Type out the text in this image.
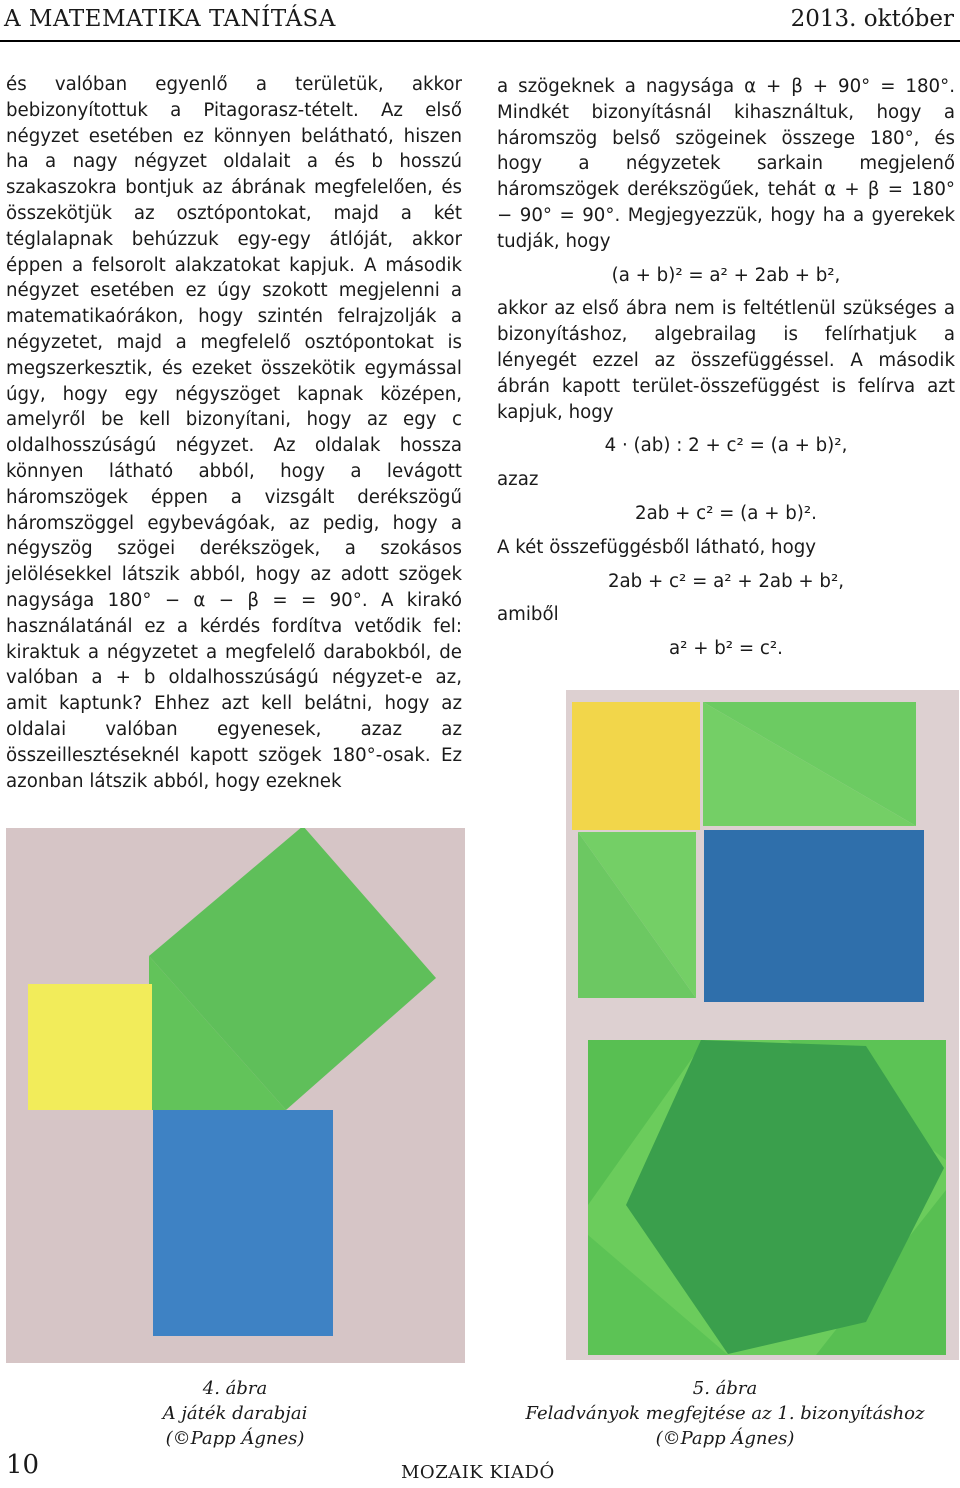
A MATEMATIKA TANÍTÁSA	2013. október

és valóban egyenlő a területük, akkor bebizonyítottuk a Pitagorasz-tételt. Az első négyzet esetében ez könnyen belátható, hiszen ha a nagy négyzet oldalait a és b hosszú szakaszokra bontjuk az ábrának megfelelően, és összekötjük az osztópontokat, majd a két téglalapnak behúzzuk egy-egy átlóját, akkor éppen a felsorolt alakzatokat kapjuk. A második négyzet esetében ez úgy szokott megjelenni a matematikaórákon, hogy szintén felrajzolják a négyzetet, majd a megfelelő osztópontokat is megszerkesztik, és ezeket összekötik egymással úgy, hogy egy négyszöget kapnak középen, amelyről be kell bizonyítani, hogy az egy c oldalhosszúságú négyzet. Az oldalak hossza könnyen látható abból, hogy a levágott háromszögek éppen a vizsgált derékszögű háromszöggel egybevágóak, az pedig, hogy a négyszög szögei derékszögek, a szokásos jelölésekkel látszik abból, hogy az adott szögek nagysága 180° − α − β = = 90°. A kirakó használatánál ez a kérdés fordítva vetődik fel: kiraktuk a négyzetet a megfelelő darabokból, de valóban a + b oldalhosszúságú négyzet-e az, amit kaptunk? Ehhez azt kell belátni, hogy az oldalai valóban egyenesek, azaz az összeillesztéseknél kapott szögek 180°-osak. Ez azonban látszik abból, hogy ezeknek

a szögeknek a nagysága α + β + 90° = 180°. Mindkét bizonyításnál kihasználtuk, hogy a háromszög belső szögeinek összege 180°, és hogy a négyzetek sarkain megjelenő háromszögek derékszögűek, tehát α + β = 180° − 90° = 90°. Megjegyezzük, hogy ha a gyerekek tudják, hogy

(a + b)² = a² + 2ab + b²,

akkor az első ábra nem is feltétlenül szükséges a bizonyításhoz, algebrailag is felírhatjuk a lényegét ezzel az összefüggéssel. A második ábrán kapott terület-összefüggést is felírva azt kapjuk, hogy

4 · (ab) : 2 + c² = (a + b)²,

azaz

2ab + c² = (a + b)².

A két összefüggésből látható, hogy

2ab + c² = a² + 2ab + b²,

amiből

a² + b² = c².
4. ábra
A játék darabjai
(©Papp Ágnes)
5. ábra
Feladványok megfejtése az 1. bizonyításhoz
(©Papp Ágnes)
10	MOZAIK KIADÓ
